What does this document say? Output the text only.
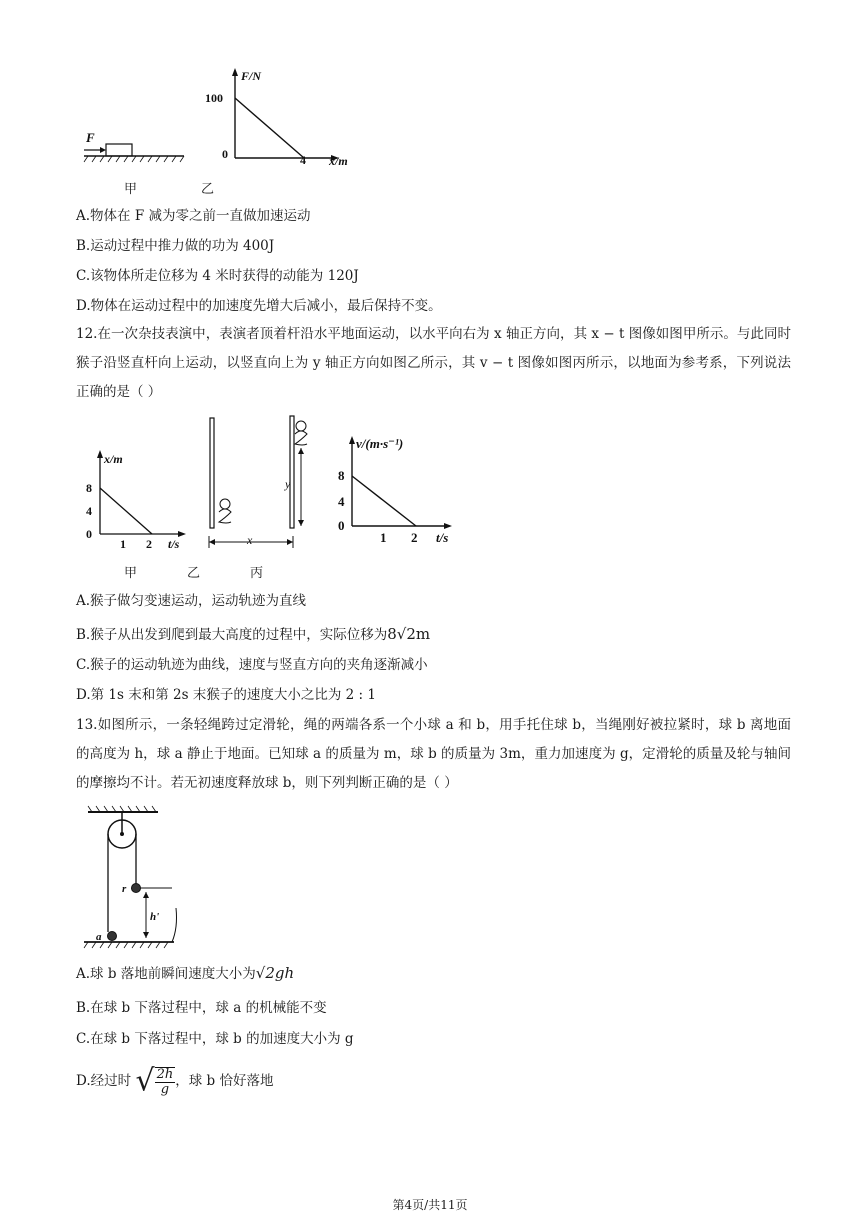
F
F/N
100
0	4 x/m
甲	乙
A.物体在 F 减为零之前一直做加速运动
B.运动过程中推力做的功为 400J
C.该物体所走位移为 4 米时获得的动能为 120J
D.物体在运动过程中的加速度先增大后减小，最后保持不变。
12.在一次杂技表演中，表演者顶着杆沿水平地面运动，以水平向右为 x 轴正方向，其 x − t 图像如图甲所示。与此同时猴子沿竖直杆向上运动，以竖直向上为 y 轴正方向如图乙所示，其 v − t 图像如图丙所示，以地面为参考系，下列说法正确的是（ ）
x/m
8
4
0
1 2 t/s	x
y
v/(m·s⁻¹)
8
4
0
1 2 t/s
甲	乙	丙
A.猴子做匀变速运动，运动轨迹为直线
B.猴子从出发到爬到最大高度的过程中，实际位移为8√2m
C.猴子的运动轨迹为曲线，速度与竖直方向的夹角逐渐减小
D.第 1s 末和第 2s 末猴子的速度大小之比为 2 : 1
13.如图所示，一条轻绳跨过定滑轮，绳的两端各系一个小球 a 和 b，用手托住球 b，当绳刚好被拉紧时，球 b 离地面的高度为 h，球 a 静止于地面。已知球 a 的质量为 m，球 b 的质量为 3m，重力加速度为 g，定滑轮的质量及轮与轴间的摩擦均不计。若无初速度释放球 b，则下列判断正确的是（ ）
r
h'
a
A.球 b 落地前瞬间速度大小为√2gh
B.在球 b 下落过程中，球 a 的机械能不变
C.在球 b 下落过程中，球 b 的加速度大小为 g
D.经过时 √ $\frac{2h}{g}$ ，球 b 恰好落地
第4页/共11页
